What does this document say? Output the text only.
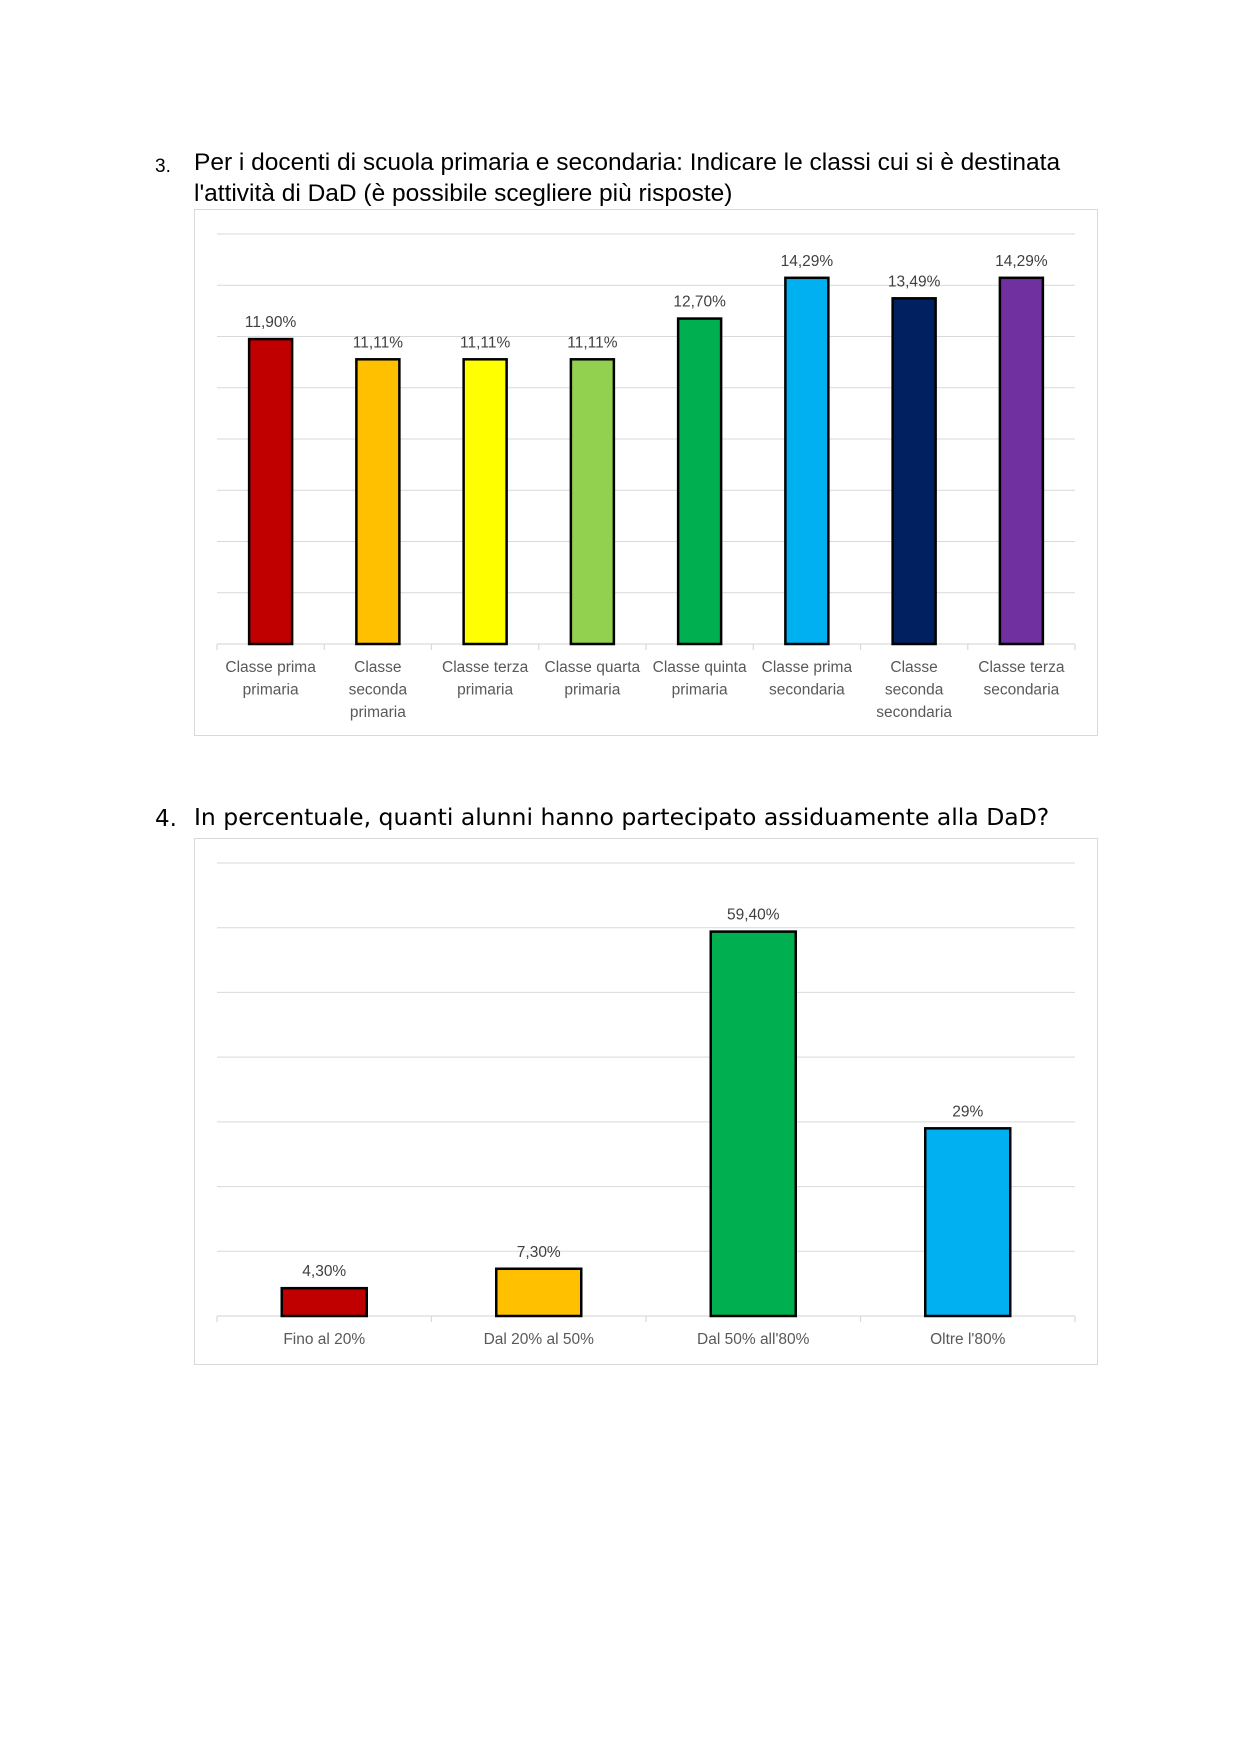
3. Per i docenti di scuola primaria e secondaria: Indicare le classi cui si è destinata l'attività di DaD (è possibile scegliere più risposte)
11,90%
Classe prima
primaria
11,11%
Classe
seconda
primaria
11,11%
Classe terza
primaria
11,11%
Classe quarta
primaria
12,70%
Classe quinta
primaria
14,29%
Classe prima
secondaria
13,49%
Classe
seconda
secondaria
14,29%
Classe terza
secondaria
4. In percentuale, quanti alunni hanno partecipato assiduamente alla DaD?
4,30%
Fino al 20%
7,30%
Dal 20% al 50%
59,40%
Dal 50% all'80%
29%
Oltre l'80%
